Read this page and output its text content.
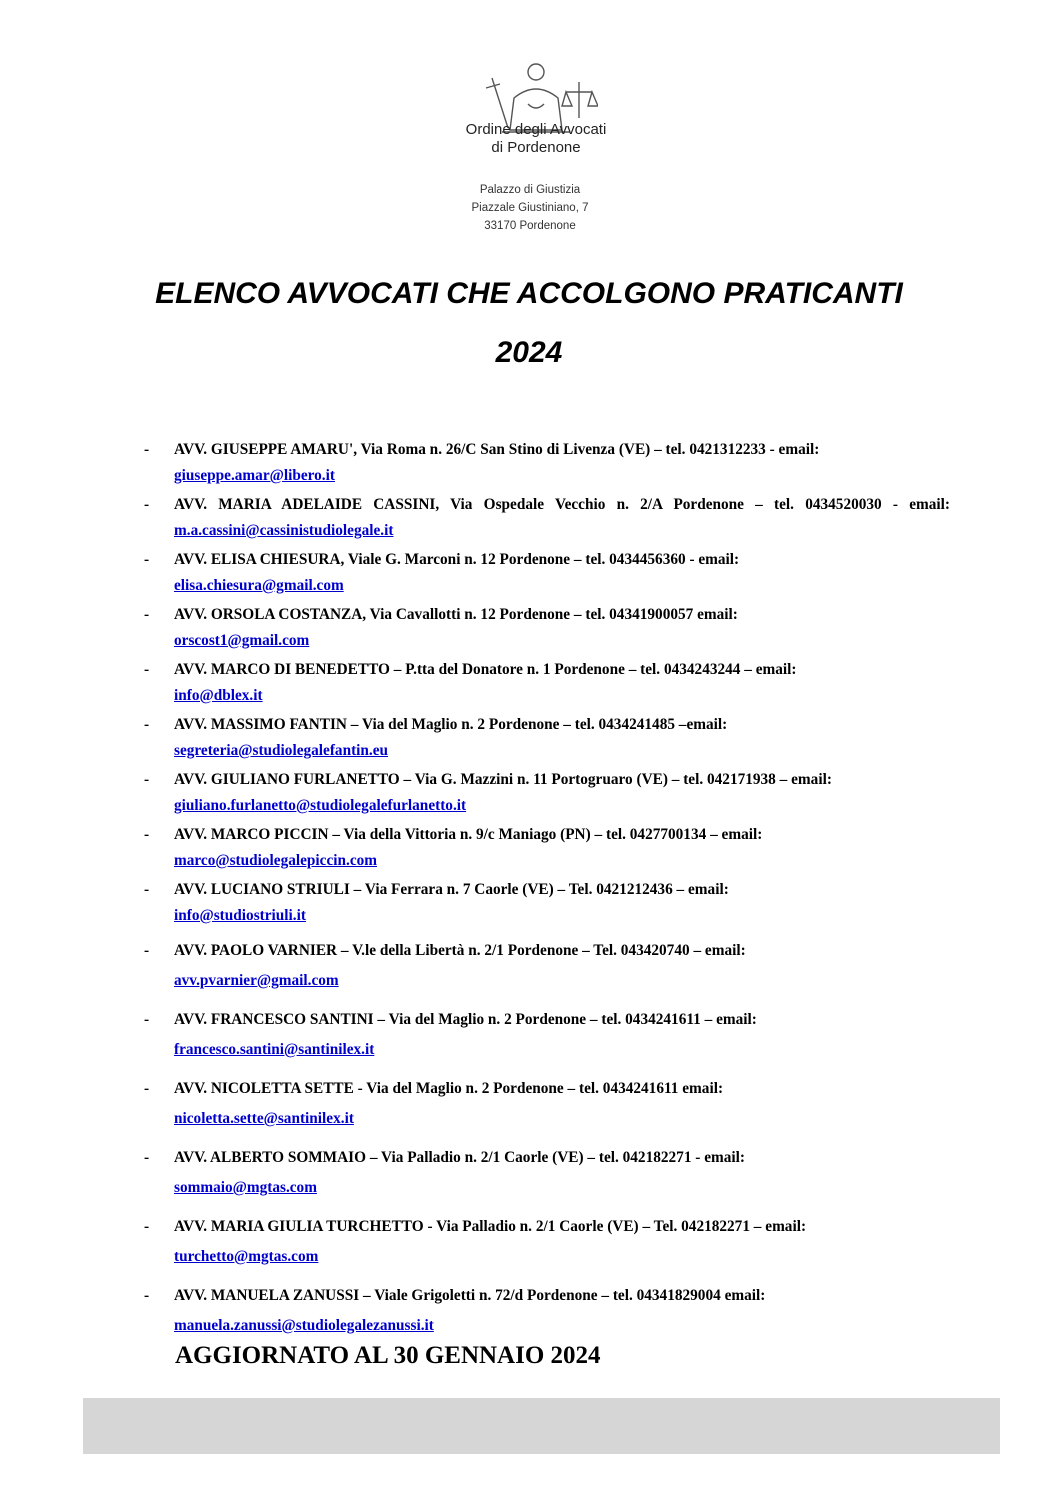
Ordine degli Avvocati
di Pordenone
Palazzo di Giustizia
Piazzale Giustiniano, 7
33170 Pordenone
ELENCO AVVOCATI CHE ACCOLGONO PRATICANTI
2024
- AVV. GIUSEPPE AMARU', Via Roma n. 26/C San Stino di Livenza (VE) – tel. 0421312233 - email:
giuseppe.amar@libero.it
- AVV. MARIA ADELAIDE CASSINI, Via Ospedale Vecchio n. 2/A Pordenone – tel. 0434520030 - email: m.a.cassini@cassinistudiolegale.it
- AVV. ELISA CHIESURA, Viale G. Marconi n. 12 Pordenone – tel. 0434456360 - email:
elisa.chiesura@gmail.com
- AVV. ORSOLA COSTANZA, Via Cavallotti n. 12 Pordenone – tel. 04341900057 email:
orscost1@gmail.com
- AVV. MARCO DI BENEDETTO – P.tta del Donatore n. 1 Pordenone – tel. 0434243244 – email:
info@dblex.it
- AVV. MASSIMO FANTIN – Via del Maglio n. 2 Pordenone – tel. 0434241485 –email:
segreteria@studiolegalefantin.eu
- AVV. GIULIANO FURLANETTO – Via G. Mazzini n. 11 Portogruaro (VE) – tel. 042171938 – email:
giuliano.furlanetto@studiolegalefurlanetto.it
- AVV. MARCO PICCIN – Via della Vittoria n. 9/c Maniago (PN) – tel. 0427700134 – email:
marco@studiolegalepiccin.com
- AVV. LUCIANO STRIULI – Via Ferrara n. 7 Caorle (VE) – Tel. 0421212436 – email:
info@studiostriuli.it
- AVV. PAOLO VARNIER – V.le della Libertà n. 2/1 Pordenone – Tel. 043420740 – email:
avv.pvarnier@gmail.com
- AVV. FRANCESCO SANTINI – Via del Maglio n. 2 Pordenone – tel. 0434241611 – email:
francesco.santini@santinilex.it
- AVV. NICOLETTA SETTE - Via del Maglio n. 2 Pordenone – tel. 0434241611 email:
nicoletta.sette@santinilex.it
- AVV. ALBERTO SOMMAIO – Via Palladio n. 2/1 Caorle (VE) – tel. 042182271 - email:
sommaio@mgtas.com
- AVV. MARIA GIULIA TURCHETTO - Via Palladio n. 2/1 Caorle (VE) – Tel. 042182271 – email:
turchetto@mgtas.com
- AVV. MANUELA ZANUSSI – Viale Grigoletti n. 72/d Pordenone – tel. 04341829004 email:
manuela.zanussi@studiolegalezanussi.it
AGGIORNATO AL 30 GENNAIO 2024
